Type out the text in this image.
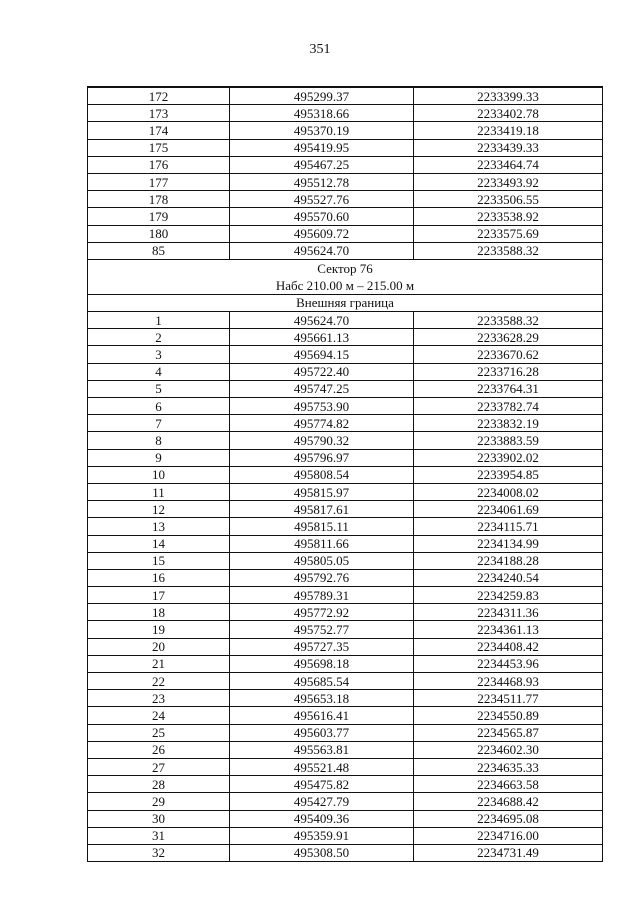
351
172	495299.37	2233399.33
173	495318.66	2233402.78
174	495370.19	2233419.18
175	495419.95	2233439.33
176	495467.25	2233464.74
177	495512.78	2233493.92
178	495527.76	2233506.55
179	495570.60	2233538.92
180	495609.72	2233575.69
85	495624.70	2233588.32

Сектор 76
Набс 210.00 м – 215.00 м		

Внешняя граница		
1	495624.70	2233588.32
2	495661.13	2233628.29
3	495694.15	2233670.62
4	495722.40	2233716.28
5	495747.25	2233764.31
6	495753.90	2233782.74
7	495774.82	2233832.19
8	495790.32	2233883.59
9	495796.97	2233902.02
10	495808.54	2233954.85
11	495815.97	2234008.02
12	495817.61	2234061.69
13	495815.11	2234115.71
14	495811.66	2234134.99
15	495805.05	2234188.28
16	495792.76	2234240.54
17	495789.31	2234259.83
18	495772.92	2234311.36
19	495752.77	2234361.13
20	495727.35	2234408.42
21	495698.18	2234453.96
22	495685.54	2234468.93
23	495653.18	2234511.77
24	495616.41	2234550.89
25	495603.77	2234565.87
26	495563.81	2234602.30
27	495521.48	2234635.33
28	495475.82	2234663.58
29	495427.79	2234688.42
30	495409.36	2234695.08
31	495359.91	2234716.00
32	495308.50	2234731.49
